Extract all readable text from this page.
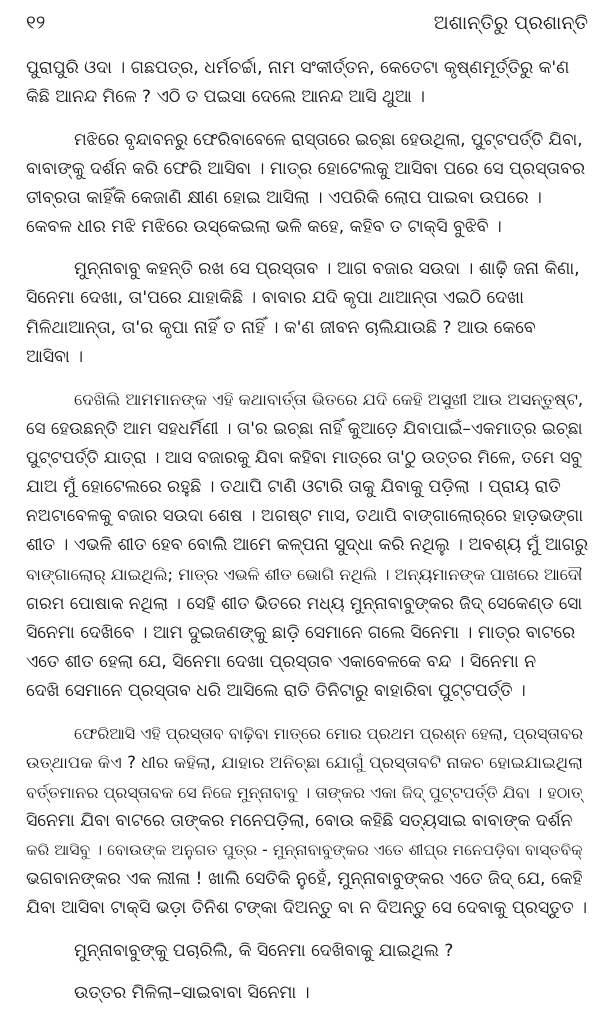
୧୨	ଅଶାନ୍ତିରୁ ପ୍ରଶାନ୍ତି
ପୁରାପୁରି ଓଦା । ଗଛପତ୍ର, ଧର୍ମଚର୍ଚ୍ଚା, ନାମ ସଂକୀର୍ତ୍ତନ, କେତେଟା କୃଷ୍ଣମୂର୍ତ୍ତିରୁ କ'ଣ
କିଛି ଆନନ୍ଦ ମିଳେ ? ଏଠି ତ ପଇସା ଦେଲେ ଆନନ୍ଦ ଆସି ଥୁଆ ।
ମଝିରେ ବୃନ୍ଦାବନରୁ ଫେରିବାବେଳେ ରାସ୍ତାରେ ଇଚ୍ଛା ହେଉଥିଲା, ପୁଟ୍ଟପର୍ତ୍ତି ଯିବା,
ବାବାଙ୍କୁ ଦର୍ଶନ କରି ଫେରି ଆସିବା । ମାତ୍ର ହୋଟେଲକୁ ଆସିବା ପରେ ସେ ପ୍ରସ୍ତାବର
ତୀବ୍ରତା କାହିଁକି କେଜାଣି କ୍ଷୀଣ ହୋଇ ଆସିଲା । ଏପରିକି ଲୋପ ପାଇବା ଉପରେ ।
କେବଳ ଧୀର ମଝି ମଝିରେ ଉସ୍‌କେଇଲା ଭଳି କହେ, କହିବ ତ ଟାକ୍ସି ବୁଝିବି ।
ମୁନ୍ନାବାବୁ କହନ୍ତି ରଖ ସେ ପ୍ରସ୍ତାବ । ଆଗ ବଜାର ସଉଦା । ଶାଢ଼ି ଜନା କିଣା,
ସିନେମା ଦେଖା, ତା'ପରେ ଯାହାକିଛି । ବାବାର ଯଦି କୃପା ଥାଆନ୍ତା ଏଇଠି ଦେଖା
ମିଳିଥାଆନ୍ତା, ତା'ର କୃପା ନାହିଁ ତ ନାହିଁ । କ'ଣ ଜୀବନ ଚାଲିଯାଉଛି ? ଆଉ କେବେ
ଆସିବା ।
ଦେଖିଲି ଆମମାନଙ୍କ ଏହି କଥାବାର୍ତ୍ତା ଭିତରେ ଯଦି କେହି ଅସୁଖୀ ଆଉ ଅସନ୍ତୁଷ୍ଟ,
ସେ ହେଉଛନ୍ତି ଆମ ସହଧର୍ମିଣୀ । ତା'ର ଇଚ୍ଛା ନାହିଁ କୁଆଡ଼େ ଯିବାପାଇଁ–ଏକମାତ୍ର ଇଚ୍ଛା
ପୁଟ୍ଟପର୍ତ୍ତି ଯାତ୍ରା । ଆସ ବଜାରକୁ ଯିବା କହିବା ମାତ୍ରେ ତା'ଠୁ ଉତ୍ତର ମିଳେ, ତମେ ସବୁ
ଯାଅ ମୁଁ ହୋଟେଲରେ ରହୁଛି । ତଥାପି ଟାଣି ଓଟାରି ତାକୁ ଯିବାକୁ ପଡ଼ିଲା । ପ୍ରାୟ ରାତି
ନଅଟାବେଳକୁ ବଜାର ସଉଦା ଶେଷ । ଅଗଷ୍ଟ ମାସ, ତଥାପି ବାଙ୍ଗାଲୋର୍‌ରେ ହାଡ଼ଭଙ୍ଗା
ଶୀତ । ଏଭଳି ଶୀତ ହେବ ବୋଲି ଆମେ କଳ୍ପନା ସୁଦ୍ଧା କରି ନଥିଲୁ । ଅବଶ୍ୟ ମୁଁ ଆଗରୁ
ବାଙ୍ଗାଲୋର୍ ଯାଇଥିଲି; ମାତ୍ର ଏଭଳି ଶୀତ ଭୋଗି ନଥିଲି । ଅନ୍ୟମାନଙ୍କ ପାଖରେ ଆଦୌ
ଗରମ ପୋଷାକ ନଥିଲା । ସେହି ଶୀତ ଭିତରେ ମଧ୍ୟ ମୁନ୍ନାବାବୁଙ୍କର ଜିଦ୍ ସେକେଣ୍ଡ ସୋ
ସିନେମା ଦେଖିବେ । ଆମ ଦୁଇଜଣଙ୍କୁ ଛାଡ଼ି ସେମାନେ ଗଲେ ସିନେମା । ମାତ୍ର ବାଟରେ
ଏତେ ଶୀତ ହେଲା ଯେ, ସିନେମା ଦେଖା ପ୍ରସ୍ତାବ ଏକାବେଳକେ ବନ୍ଦ । ସିନେମା ନ
ଦେଖି ସେମାନେ ପ୍ରସ୍ତାବ ଧରି ଆସିଲେ ରାତି ତିନିଟାରୁ ବାହାରିବା ପୁଟ୍ଟପର୍ତ୍ତି ।
ଫେରିଆସି ଏହି ପ୍ରସ୍ତାବ ବାଢ଼ିବା ମାତ୍ରେ ମୋର ପ୍ରଥମ ପ୍ରଶ୍ନ ହେଲା, ପ୍ରସ୍ତାବର
ଉତ୍‌ଥାପକ କିଏ ? ଧୀର କହିଲା, ଯାହାର ଅନିଚ୍ଛା ଯୋଗୁଁ ପ୍ରସ୍ତାବଟି ନାକଚ ହୋଇଯାଇଥିଲା
ବର୍ତ୍ତମାନର ପ୍ରସ୍ତାବକ ସେ ନିଜେ ମୁନ୍ନାବାବୁ । ତାଙ୍କର ଏକା ଜିଦ୍ ପୁଟ୍ଟପର୍ତ୍ତି ଯିବା । ହଠାତ୍
ସିନେମା ଯିବା ବାଟରେ ତାଙ୍କର ମନେପଡ଼ିଲା, ବୋଉ କହିଛି ସତ୍ୟସାଇ ବାବାଙ୍କ ଦର୍ଶନ
କରି ଆସିବୁ । ବୋଉଙ୍କ ଅନୁଗତ ପୁତ୍ର - ମୁନ୍ନାବାବୁଙ୍କର ଏତେ ଶୀଘ୍ର ମନେପଡ଼ିବା ବାସ୍ତବିକ୍
ଭଗବାନଙ୍କର ଏକ ଲୀଳା ! ଖାଲି ସେତିକି ନୁହେଁ, ମୁନ୍ନାବାବୁଙ୍କର ଏତେ ଜିଦ୍ ଯେ, କେହି
ଯିବା ଆସିବା ଟାକ୍ସି ଭଡ଼ା ତିନିଶ ଟଙ୍କା ଦିଅନ୍ତୁ ବା ନ ଦିଅନ୍ତୁ ସେ ଦେବାକୁ ପ୍ରସ୍ତୁତ ।
ମୁନ୍ନାବାବୁଙ୍କୁ ପଚାରିଲି, କି ସିନେମା ଦେଖିବାକୁ ଯାଇଥିଲ ?
ଉତ୍ତର ମିଳିଲା–ସାଇବାବା ସିନେମା ।
